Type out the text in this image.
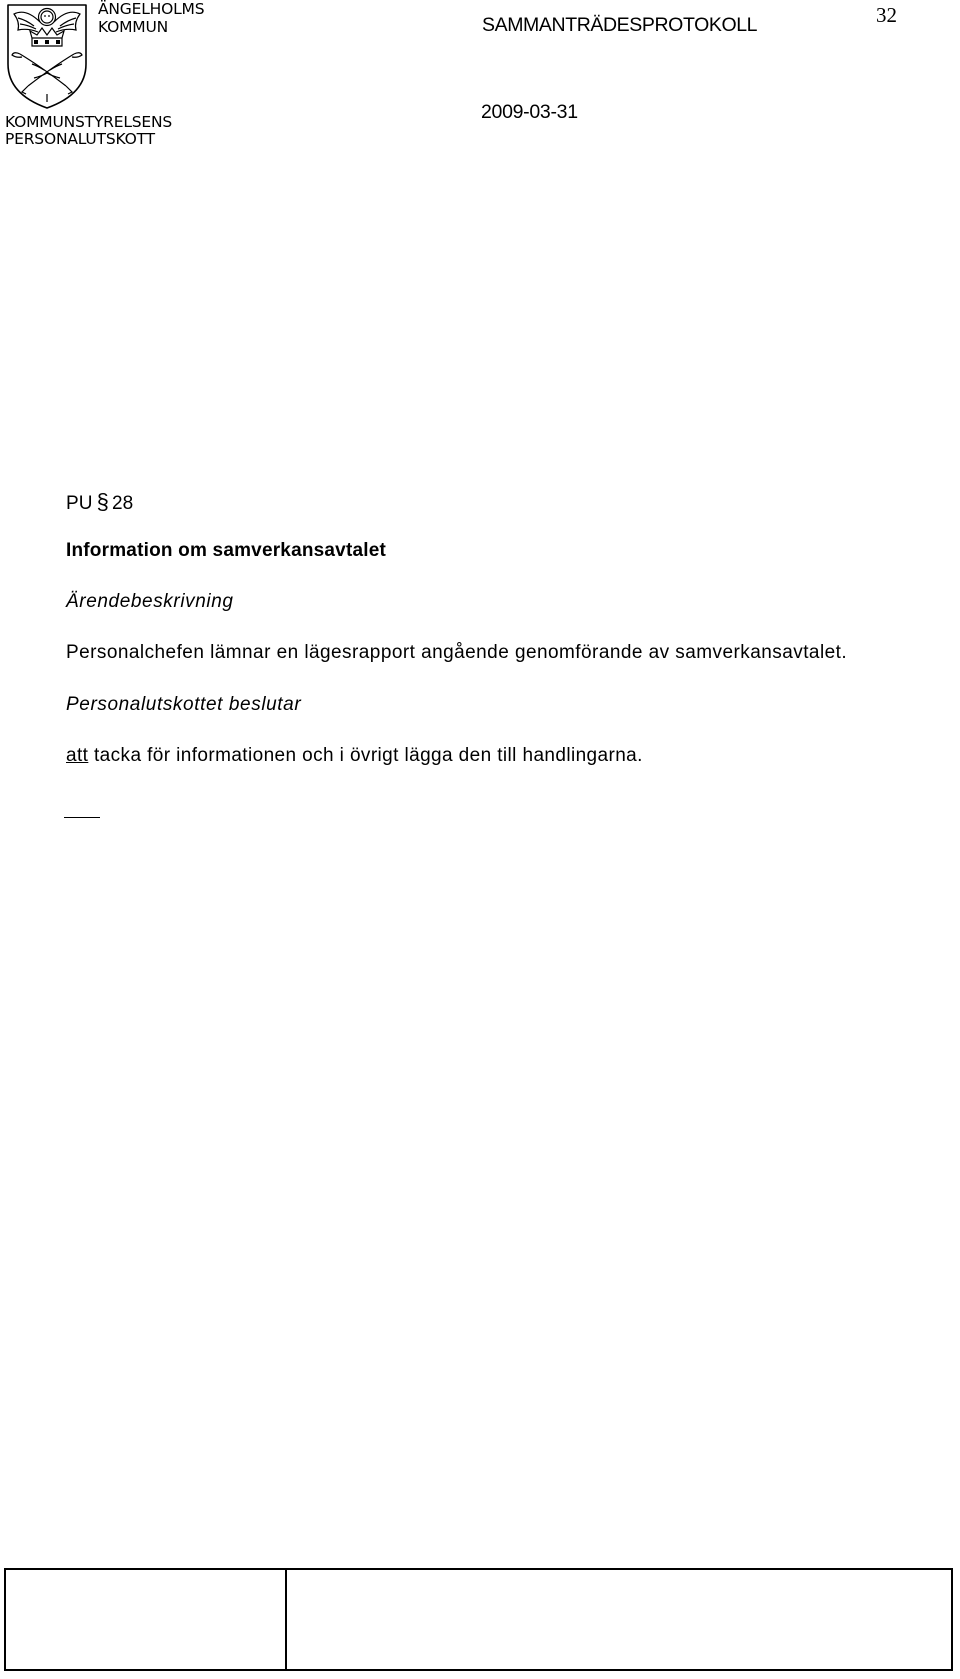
ÄNGELHOLMS
KOMMUN
KOMMUNSTYRELSENS
PERSONALUTSKOTT
SAMMANTRÄDESPROTOKOLL
2009-03-31
32
PU § 28
Information om samverkansavtalet
Ärendebeskrivning
Personalchefen lämnar en lägesrapport angående genomförande av samverkansavtalet.
Personalutskottet beslutar
att tacka för informationen och i övrigt lägga den till handlingarna.
